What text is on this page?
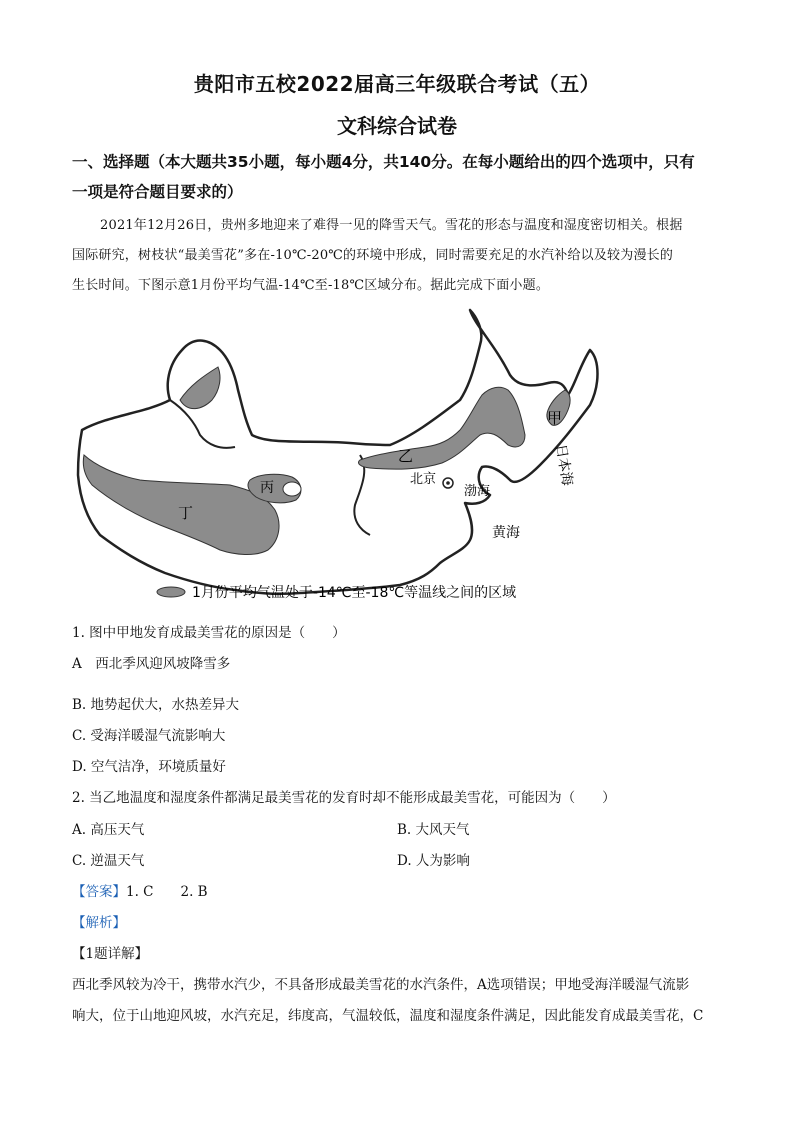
贵阳市五校2022届高三年级联合考试（五）
文科综合试卷
一、选择题（本大题共35小题，每小题4分，共140分。在每小题给出的四个选项中，只有
一项是符合题目要求的）
2021年12月26日，贵州多地迎来了难得一见的降雪天气。雪花的形态与温度和湿度密切相关。根据
国际研究，树枝状“最美雪花”多在-10℃-20℃的环境中形成，同时需要充足的水汽补给以及较为漫长的
生长时间。下图示意1月份平均气温-14℃至-18℃区域分布。据此完成下面小题。
甲
乙
丙
丁
北京
渤海
黄海
日本海
1月份平均气温处于-14℃至-18℃等温线之间的区域
1. 图中甲地发育成最美雪花的原因是（　　）
A　西北季风迎风坡降雪多
B. 地势起伏大，水热差异大
C. 受海洋暖湿气流影响大
D. 空气洁净，环境质量好
2. 当乙地温度和湿度条件都满足最美雪花的发育时却不能形成最美雪花，可能因为（　　）
A. 高压天气	B. 大风天气
C. 逆温天气	D. 人为影响
【答案】1. C　　2. B
【解析】
【1题详解】
西北季风较为冷干，携带水汽少，不具备形成最美雪花的水汽条件，A选项错误；甲地受海洋暖湿气流影
响大，位于山地迎风坡，水汽充足，纬度高，气温较低，温度和湿度条件满足，因此能发育成最美雪花，C
